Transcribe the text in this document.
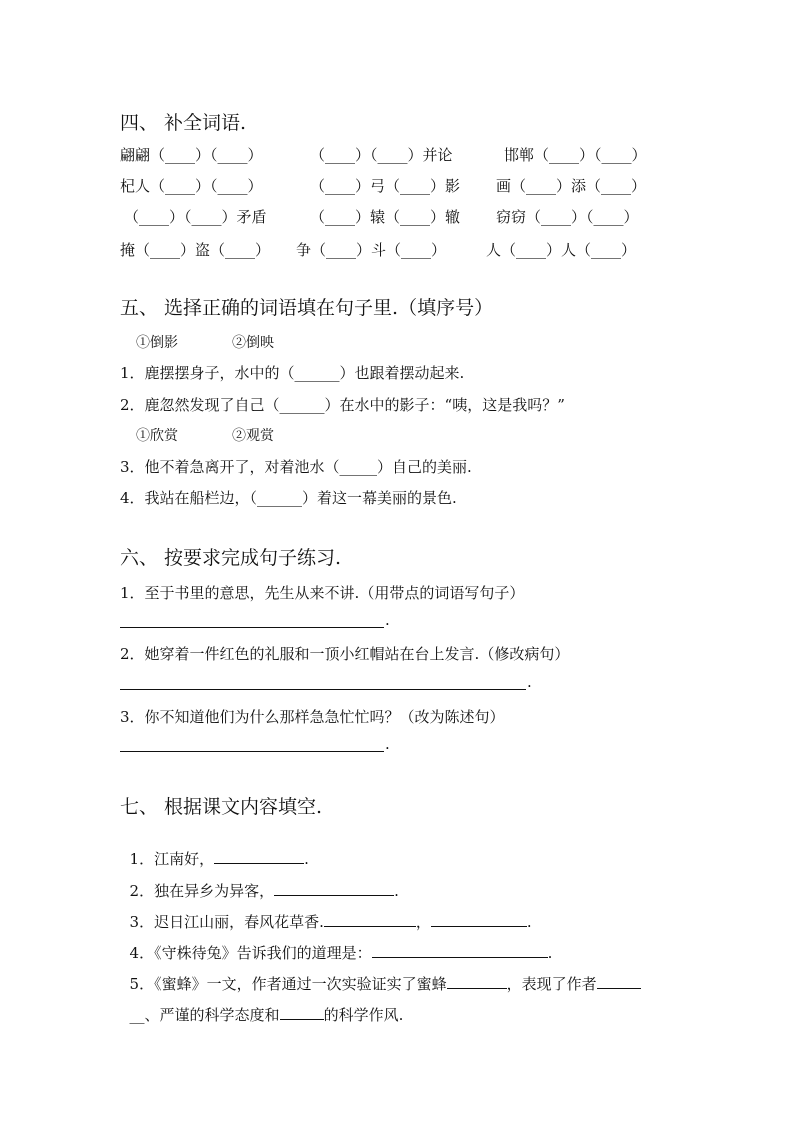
四、 补全词语.
翩翩（____）（____）	（____）（____）并论	邯郸（____）（____）
杞人（____）（____）	（____）弓（____）影 画（____）添（____）
（____）（____）矛盾	（____）辕（____）辙 窃窃（____）（____）
掩（____）盗（____） 争（____）斗（____）	人（____）人（____）
五、 选择正确的词语填在句子里.（填序号）
①倒影	②倒映
1．鹿摆摆身子，水中的（______）也跟着摆动起来.
2．鹿忽然发现了自己（______）在水中的影子：“咦，这是我吗？”
①欣赏	②观赏
3．他不着急离开了，对着池水（_____）自己的美丽.
4．我站在船栏边，（______）着这一幕美丽的景色.
六、 按要求完成句子练习.
1．至于书里的意思，先生从来不讲.（用带点的词语写句子）
.
2．她穿着一件红色的礼服和一顶小红帽站在台上发言.（修改病句）
.
3．你不知道他们为什么那样急急忙忙吗？（改为陈述句）
.
七、 根据课文内容填空.

1．江南好，	.

2．独在异乡为异客，	.

3．迟日江山丽，春风花草香.	，	.

4．《守株待兔》告诉我们的道理是：	.

5．《蜜蜂》一文，作者通过一次实验证实了蜜蜂	，表现了作者

__、严谨的科学态度和	的科学作风.
